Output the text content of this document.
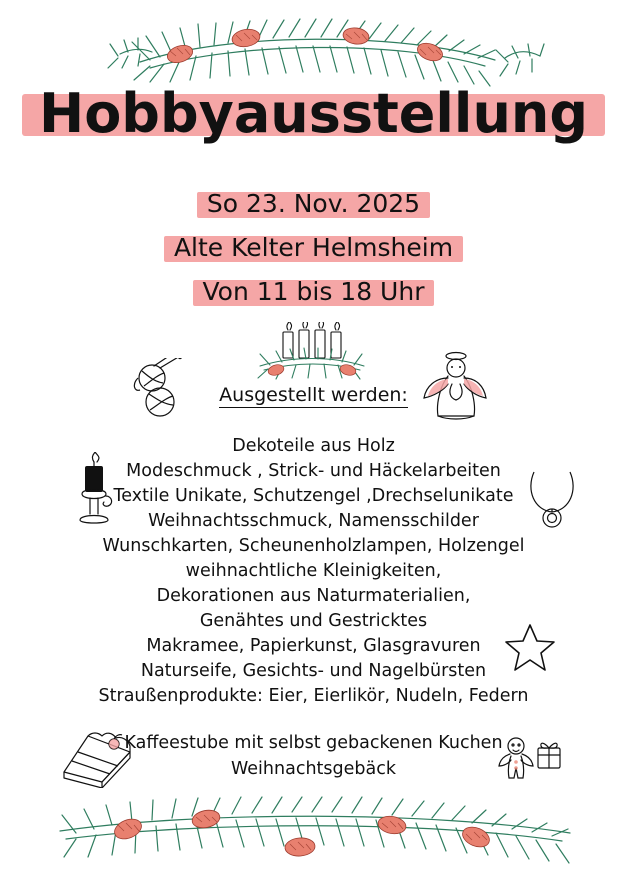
Hobbyausstellung
So 23. Nov. 2025
Alte Kelter Helmsheim
Von 11 bis 18 Uhr
Ausgestellt werden:
Dekoteile aus Holz
Modeschmuck , Strick- und Häckelarbeiten
Textile Unikate, Schutzengel ,Drechselunikate
Weihnachtsschmuck, Namensschilder
Wunschkarten, Scheunenholzlampen, Holzengel
weihnachtliche Kleinigkeiten,
Dekorationen aus Naturmaterialien,
Genähtes und Gestricktes
Makramee, Papierkunst, Glasgravuren
Naturseife, Gesichts- und Nagelbürsten
Straußenprodukte: Eier, Eierlikör, Nudeln, Federn
Kaffeestube mit selbst gebackenen Kuchen
Weihnachtsgebäck
